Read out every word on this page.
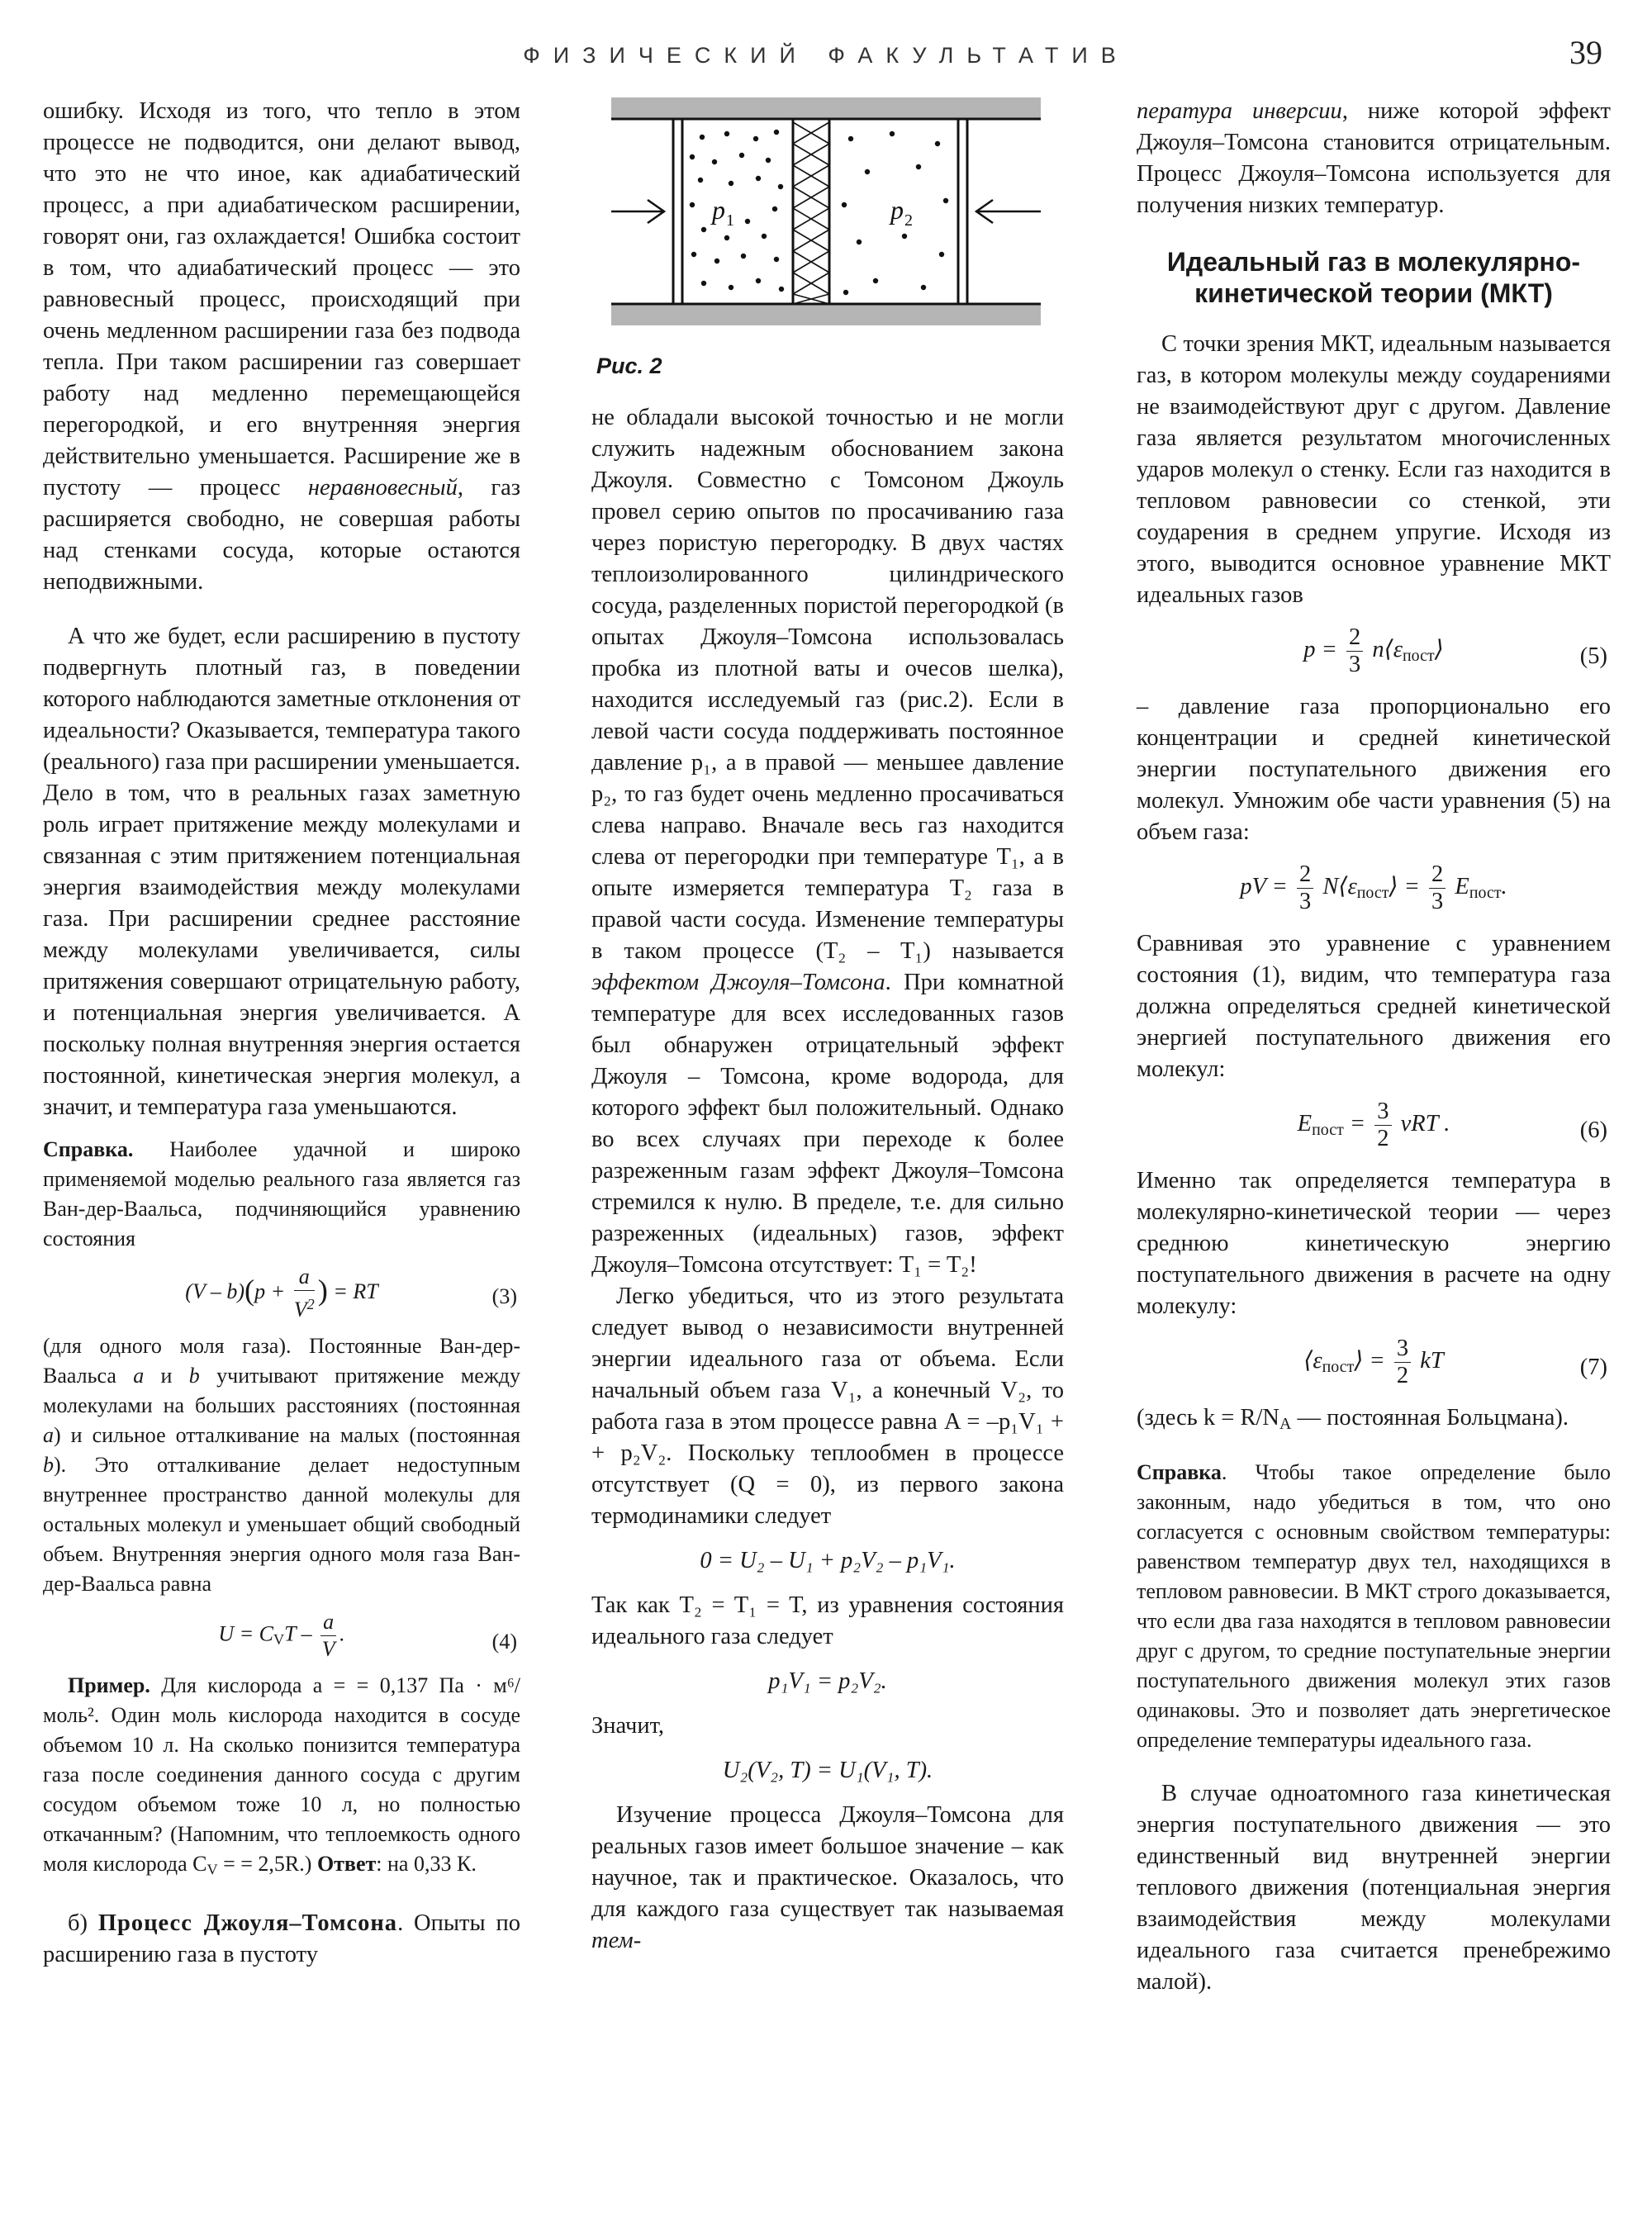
ФИЗИЧЕСКИЙ ФАКУЛЬТАТИВ	39
p 1	p 2
Рис. 2

ошибку. Исходя из того, что тепло в этом процессе не подводится, они делают вывод, что это не что иное, как адиабатический процесс, а при адиабатическом расширении, говорят они, газ охлаждается! Ошибка состоит в том, что адиабатический процесс — это равновесный процесс, происходящий при очень медленном расширении газа без подвода тепла. При таком расширении газ совершает работу над медленно перемещающейся перегородкой, и его внутренняя энергия действительно уменьшается. Расширение же в пустоту — процесс неравновесный, газ расширяется свободно, не совершая работы над стенками сосуда, которые остаются неподвижными.

А что же будет, если расширению в пустоту подвергнуть плотный газ, в поведении которого наблюдаются заметные отклонения от идеальности? Оказывается, температура такого (реального) газа при расширении уменьшается. Дело в том, что в реальных газах заметную роль играет притяжение между молекулами и связанная с этим притяжением потенциальная энергия взаимодействия между молекулами газа. При расширении среднее расстояние между молекулами увеличивается, силы притяжения совершают отрицательную работу, и потенциальная энергия увеличивается. А поскольку полная внутренняя энергия остается постоянной, кинетическая энергия молекул, а значит, и температура газа уменьшаются.

Справка. Наиболее удачной и широко применяемой моделью реального газа является газ Ван-дер-Ваальса, подчиняющийся уравнению состояния

$(V - b)(p + \frac{a}{V^2}$ ) = RT	(3)

(для одного моля газа). Постоянные Ван-дер-Ваальса a и b учитывают притяжение между молекулами на больших расстояниях (постоянная a) и сильное отталкивание на малых (постоянная b). Это отталкивание делает недоступным внутреннее пространство данной молекулы для остальных молекул и уменьшает общий свободный объем. Внутренняя энергия одного моля газа Ван-дер-Ваальса равна

$U = C_VT - \frac{a}{V}$ .	(4)

Пример. Для кислорода a = = 0,137 Па · м⁶/моль². Один моль кислорода находится в сосуде объемом 10 л. На сколько понизится температура газа после соединения данного сосуда с другим сосудом объемом тоже 10 л, но полностью откачанным? (Напомним, что теплоемкость одного моля кислорода $C_V$ = = 2,5R.) Ответ: на 0,33 К.

б) Процесс Джоуля–Томсона. Опыты по расширению газа в пустоту

не обладали высокой точностью и не могли служить надежным обоснованием закона Джоуля. Совместно с Томсоном Джоуль провел серию опытов по просачиванию газа через пористую перегородку. В двух частях теплоизолированного цилиндрического сосуда, разделенных пористой перегородкой (в опытах Джоуля–Томсона использовалась пробка из плотной ваты и очесов шелка), находится исследуемый газ (рис.2). Если в левой части сосуда поддерживать постоянное давление p₁, а в правой — меньшее давление p₂, то газ будет очень медленно просачиваться слева направо. Вначале весь газ находится слева от перегородки при температуре T₁, а в опыте измеряется температура T₂ газа в правой части сосуда. Изменение температуры в таком процессе (T₂ – T₁) называется эффектом Джоуля–Томсона. При комнатной температуре для всех исследованных газов был обнаружен отрицательный эффект Джоуля – Томсона, кроме водорода, для которого эффект был положительный. Однако во всех случаях при переходе к более разреженным газам эффект Джоуля–Томсона стремился к нулю. В пределе, т.е. для сильно разреженных (идеальных) газов, эффект Джоуля–Томсона отсутствует: T₁ = T₂!

Легко убедиться, что из этого результата следует вывод о независимости внутренней энергии идеального газа от объема. Если начальный объем газа V₁, а конечный V₂, то работа газа в этом процессе равна A = –p₁V₁ + + p₂V₂. Поскольку теплообмен в процессе отсутствует (Q = 0), из первого закона термодинамики следует

0 = U₂ – U₁ + p₂V₂ – p₁V₁.

Так как T₂ = T₁ = T, из уравнения состояния идеального газа следует

p₁V₁ = p₂V₂.

Значит,

U₂(V₂, T) = U₁(V₁, T).

Изучение процесса Джоуля–Томсона для реальных газов имеет большое значение – как научное, так и практическое. Оказалось, что для каждого газа существует так называемая тем-

пература инверсии, ниже которой эффект Джоуля–Томсона становится отрицательным. Процесс Джоуля–Томсона используется для получения низких температур.

Идеальный газ в молекулярно-кинетической теории (МКТ)

С точки зрения МКТ, идеальным называется газ, в котором молекулы между соударениями не взаимодействуют друг с другом. Давление газа является результатом многочисленных ударов молекул о стенку. Если газ находится в тепловом равновесии со стенкой, эти соударения в среднем упругие. Исходя из этого, выводится основное уравнение МКТ идеальных газов

$p = \frac{2}{3}$ $n⟨\varepsilon_{пост}⟩$	(5)

– давление газа пропорционально его концентрации и средней кинетической энергии поступательного движения его молекул. Умножим обе части уравнения (5) на объем газа:

pV = $\frac{2}{3}$ $N⟨\varepsilon_{пост}⟩ = \frac{2}{3} E_{пост}$.

Сравнивая это уравнение с уравнением состояния (1), видим, что температура газа должна определяться средней кинетической энергией поступательного движения его молекул:

$E_{пост} = \frac{3}{2}$ νRT .	(6)

Именно так определяется температура в молекулярно-кинетической теории — через среднюю кинетическую энергию поступательного движения в расчете на одну молекулу:

$⟨\varepsilon_{пост}⟩ = \frac{3}{2}$ kT	(7)

(здесь $k = R/N_A$ — постоянная Больцмана).

Справка. Чтобы такое определение было законным, надо убедиться в том, что оно согласуется с основным свойством температуры: равенством температур двух тел, находящихся в тепловом равновесии. В МКТ строго доказывается, что если два газа находятся в тепловом равновесии друг с другом, то средние поступательные энергии поступательного движения молекул этих газов одинаковы. Это и позволяет дать энергетическое определение температуры идеального газа.

В случае одноатомного газа кинетическая энергия поступательного движения — это единственный вид внутренней энергии теплового движения (потенциальная энергия взаимодействия между молекулами идеального газа считается пренебрежимо малой).
